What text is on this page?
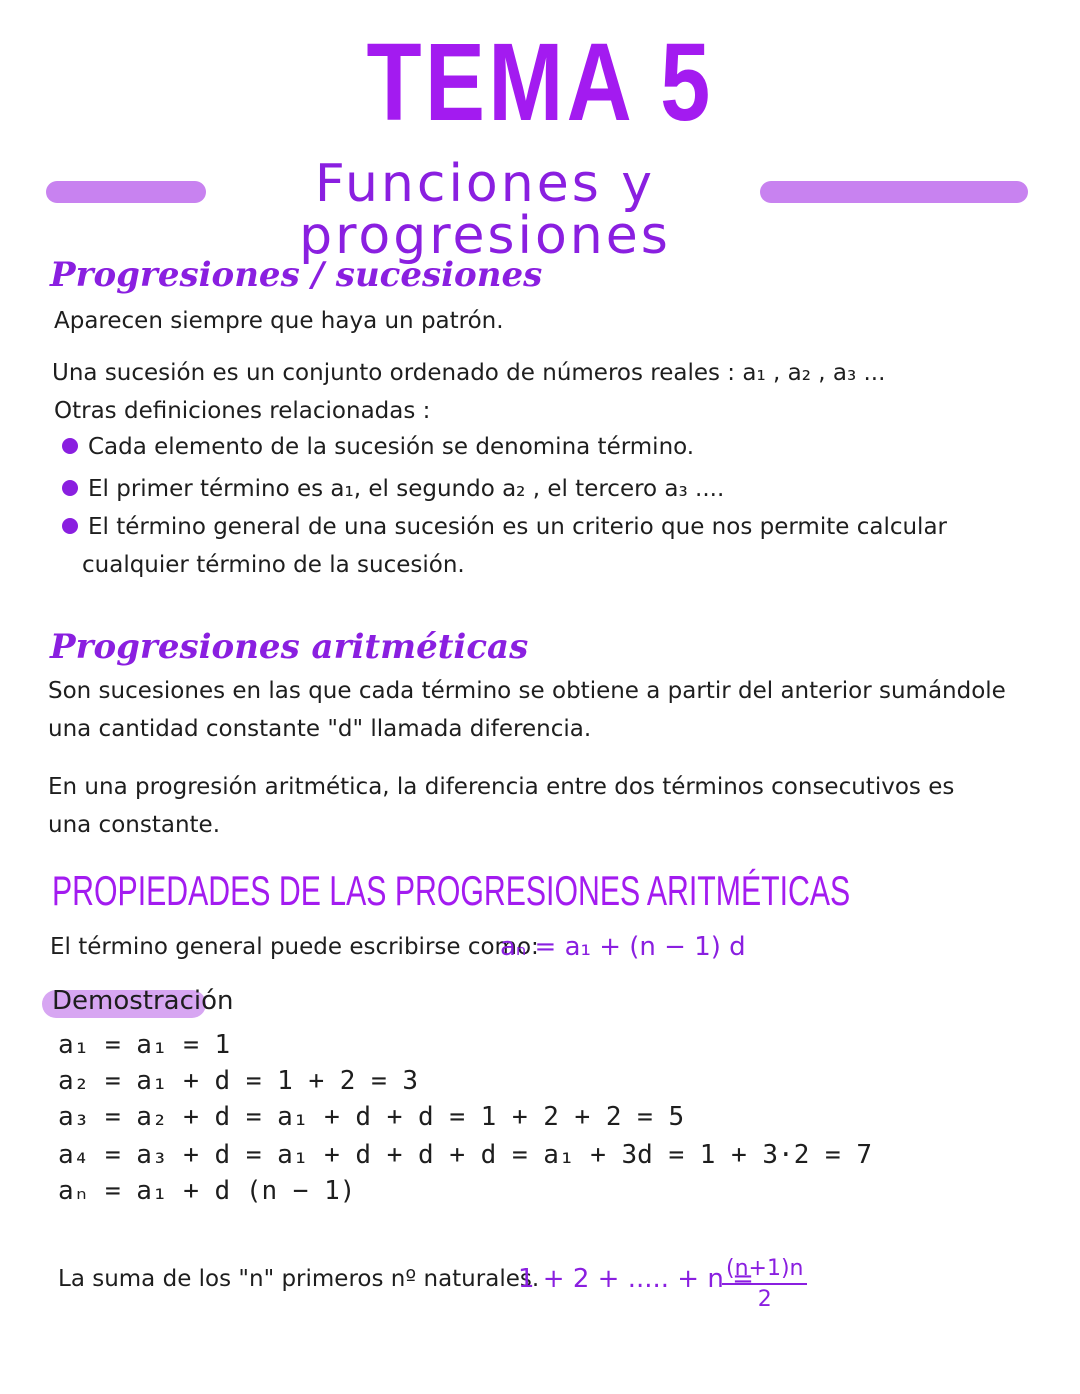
TEMA 5
Funciones y progresiones
Progresiones / sucesiones
Aparecen siempre que haya un patrón.
Una sucesión es un conjunto ordenado de números reales : a₁ , a₂ , a₃ ...
Otras definiciones relacionadas :
Cada elemento de la sucesión se denomina término.
El primer término es a₁, el segundo a₂ , el tercero a₃ ....
El término general de una sucesión es un criterio que nos permite calcular
cualquier término de la sucesión.
Progresiones aritméticas
Son sucesiones en las que cada término se obtiene a partir del anterior sumándole
una cantidad constante "d" llamada diferencia.
En una progresión aritmética, la diferencia entre dos términos consecutivos es
una constante.
PROPIEDADES DE LAS PROGRESIONES ARITMÉTICAS
El término general puede escribirse como:
aₙ = a₁ + (n − 1) d
Demostración
a₁ = a₁ = 1
a₂ = a₁ + d = 1 + 2 = 3
a₃ = a₂ + d = a₁ + d + d = 1 + 2 + 2 = 5
a₄ = a₃ + d = a₁ + d + d + d = a₁ + 3d = 1 + 3·2 = 7
aₙ = a₁ + d (n − 1)
La suma de los "n" primeros nº naturales.
1 + 2 + ..... + n =
$\frac{(n+1)n}{2}$
